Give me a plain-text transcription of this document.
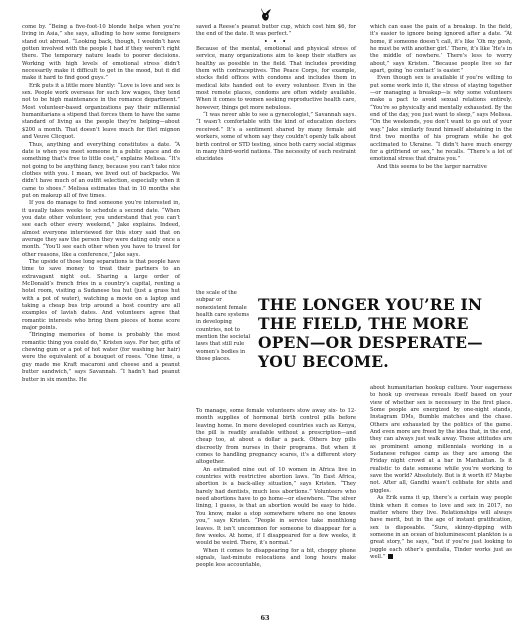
come by. “Being a five-foot-10 blonde helps when you’re living in Asia,” she says, alluding to how some foreigners stand out abroad. “Looking back, though, I wouldn’t have gotten involved with the people I had if they weren’t right there. The temporary nature leads to poorer decisions. Working with high levels of emotional stress didn’t necessarily make it difficult to get in the mood, but it did make it hard to find good guys.”

Erik puts it a little more bluntly: “Love is love and sex is sex. People work overseas for such low wages, they tend not to be high maintenance in the romance department.” Most volunteer-based organizations pay their millennial humanitarians a stipend that forces them to have the same standard of living as the people they’re helping—about $200 a month. That doesn’t leave much for filet mignon and Veuve Clicquot.

Thus, anything and everything constitutes a date. “A date is when you meet someone in a public space and do something that’s free to little cost,” explains Melissa. “It’s not going to be anything fancy, because you can’t take nice clothes with you. I mean, we lived out of backpacks. We didn’t have much of an outfit selection, especially when it came to shoes.” Melissa estimates that in 10 months she put on makeup all of five times.

If you do manage to find someone you’re interested in, it usually takes weeks to schedule a second date. “When you date other volunteer, you understand that you can’t see each other every weekend,” Jake explains. Indeed, almost everyone interviewed for this story said that on average they saw the person they were dating only once a month. “You’ll see each other when you have to travel for other reasons, like a conference,” Jake says.

The upside of those long separations is that people have time to save money to treat their partners to an extravagant night out. Sharing a large order of McDonald’s french fries in a country’s capital, renting a hotel room, visiting a Sudanese tea hut (just a grass hut with a pot of water), watching a movie on a laptop and taking a cheap bus trip around a host country are all examples of lavish dates. And volunteers agree that romantic interests who bring them pieces of home score major points.

“Bringing memories of home is probably the most romantic thing you could do,” Kristen says. For her, gifts of chewing gum or a pot of hot water (for washing her hair) were the equivalent of a bouquet of roses. “One time, a guy made me Kraft macaroni and cheese and a peanut butter sandwich,” says Savannah. “I hadn’t had peanut butter in six months. He

saved a Reese’s peanut butter cup, which cost him $6, for the end of the date. It was perfect.”

• • •

Because of the mental, emotional and physical stress of service, many organizations aim to keep their staffers as healthy as possible in the field. That includes providing them with contraceptives. The Peace Corps, for example, stocks field offices with condoms and includes them in medical kits handed out to every volunteer. Even in the most remote places, condoms are often widely available. When it comes to women seeking reproductive health care, however, things get more nebulous.

“I was never able to see a gynecologist,” Savannah says. “I wasn’t comfortable with the kind of education doctors received.” It’s a sentiment shared by many female aid workers, some of whom say they couldn’t openly talk about birth control or STD testing, since both carry social stigmas in many third-world nations. The necessity of such restraint elucidates

the scale of the subpar or nonexistent female health care systems in developing countries, not to mention the societal laws that still rule women’s bodies in those places.

THE LONGER YOU’RE IN THE FIELD, THE MORE OPEN—OR DESPERATE—YOU BECOME.

To manage, some female volunteers stow away six- to 12-month supplies of hormonal birth control pills before leaving home. In more developed countries such as Kenya, the pill is readily available without a prescription—and cheap too, at about a dollar a pack. Others buy pills discreetly from nurses in their programs. But when it comes to handling pregnancy scares, it’s a different story altogether.

An estimated nine out of 10 women in Africa live in countries with restrictive abortion laws. “In East Africa, abortion is a back-alley situation,” says Kristen. “They barely had dentists, much less abortions.” Volunteers who need abortions have to go home—or elsewhere. “The silver lining, I guess, is that an abortion would be easy to hide. You know, make a stop somewhere where no one knows you,” says Kristen. “People in service take monthlong leaves. It isn’t uncommon for someone to disappear for a few weeks. At home, if I disappeared for a few weeks, it would be weird. There, it’s normal.”

When it comes to disappearing for a bit, choppy phone signals, last-minute relocations and long hours make people less accountable,

which can ease the pain of a breakup. In the field, it’s easier to ignore being ignored after a date. “At home, if someone doesn’t call, it’s like ‘Oh my gosh, he must be with another girl.’ There, it’s like ‘He’s in the middle of nowhere.’ There’s less to worry about,” says Kristen. “Because people live so far apart, going ‘no contact’ is easier.”

Even though sex is available if you’re willing to put some work into it, the stress of staying together—or managing a breakup—is why some volunteers make a pact to avoid sexual relations entirely. “You’re so physically and mentally exhausted. By the end of the day, you just want to sleep,” says Melissa. “On the weekends, you don’t want to go out of your way.” Jake similarly found himself abstaining in the first two months of his program while he got acclimated to Ukraine. “I didn’t have much energy for a girlfriend or sex,” he recalls. “There’s a lot of emotional stress that drains you.”

And this seems to be the larger narrative

about humanitarian hookup culture. Your eagerness to hook up overseas reveals itself based on your view of whether sex is necessary in the first place. Some people are energized by one-night stands, Instagram DMs, Bumble matches and the chase. Others are exhausted by the politics of the game. And even more are freed by the idea that, in the end, they can always just walk away. Those attitudes are as prominent among millennials working in a Sudanese refugee camp as they are among the Friday night crowd at a bar in Manhattan. Is it realistic to date someone while you’re working to save the world? Absolutely. But is it worth it? Maybe not. After all, Gandhi wasn’t celibate for shits and giggles.

As Erik sums it up, there’s a certain way people think when it comes to love and sex in 2017, no matter where they live. Relationships will always have merit, but in the age of instant gratification, sex is disposable. “Sure, skinny-dipping with someone in an ocean of bioluminescent plankton is a great story,” he says, “but if you’re just looking to juggle each other’s genitalia, Tinder works just as well.”

63
